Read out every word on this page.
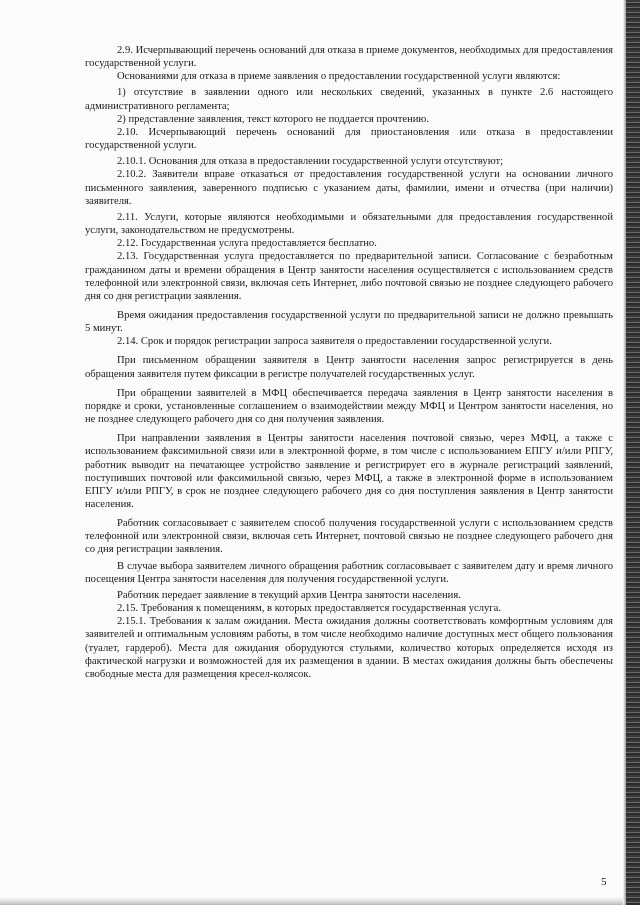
2.9. Исчерпывающий перечень оснований для отказа в приеме документов, необходимых для предоставления государственной услуги.

Основаниями для отказа в приеме заявления о предоставлении государственной услуги являются:

1) отсутствие в заявлении одного или нескольких сведений, указанных в пункте 2.6 настоящего административного регламента;

2) представление заявления, текст которого не поддается прочтению.

2.10. Исчерпывающий перечень оснований для приостановления или отказа в предоставлении государственной услуги.

2.10.1. Основания для отказа в предоставлении государственной услуги отсутствуют;

2.10.2. Заявители вправе отказаться от предоставления государственной услуги на основании личного письменного заявления, заверенного подписью с указанием даты, фамилии, имени и отчества (при наличии) заявителя.

2.11. Услуги, которые являются необходимыми и обязательными для предоставления государственной услуги, законодательством не предусмотрены.

2.12. Государственная услуга предоставляется бесплатно.

2.13. Государственная услуга предоставляется по предварительной записи. Согласование с безработным гражданином даты и времени обращения в Центр занятости населения осуществляется с использованием средств телефонной или электронной связи, включая сеть Интернет, либо почтовой связью не позднее следующего рабочего дня со дня регистрации заявления.

Время ожидания предоставления государственной услуги по предварительной записи не должно превышать 5 минут.

2.14. Срок и порядок регистрации запроса заявителя о предоставлении государственной услуги.

При письменном обращении заявителя в Центр занятости населения запрос регистрируется в день обращения заявителя путем фиксации в регистре получателей государственных услуг.

При обращении заявителей в МФЦ обеспечивается передача заявления в Центр занятости населения в порядке и сроки, установленные соглашением о взаимодействии между МФЦ и Центром занятости населения, но не позднее следующего рабочего дня со дня получения заявления.

При направлении заявления в Центры занятости населения почтовой связью, через МФЦ, а также с использованием факсимильной связи или в электронной форме, в том числе с использованием ЕПГУ и/или РПГУ, работник выводит на печатающее устройство заявление и регистрирует его в журнале регистраций заявлений, поступивших почтовой или факсимильной связью, через МФЦ, а также в электронной форме в использованием ЕПГУ и/или РПГУ, в срок не позднее следующего рабочего дня со дня поступления заявления в Центр занятости населения.

Работник согласовывает с заявителем способ получения государственной услуги с использованием средств телефонной или электронной связи, включая сеть Интернет, почтовой связью не позднее следующего рабочего дня со дня регистрации заявления.

В случае выбора заявителем личного обращения работник согласовывает с заявителем дату и время личного посещения Центра занятости населения для получения государственной услуги.

Работник передает заявление в текущий архив Центра занятости населения.

2.15. Требования к помещениям, в которых предоставляется государственная услуга.

2.15.1. Требования к залам ожидания. Места ожидания должны соответствовать комфортным условиям для заявителей и оптимальным условиям работы, в том числе необходимо наличие доступных мест общего пользования (туалет, гардероб). Места для ожидания оборудуются стульями, количество которых определяется исходя из фактической нагрузки и возможностей для их размещения в здании. В местах ожидания должны быть обеспечены свободные места для размещения кресел-колясок.

5
